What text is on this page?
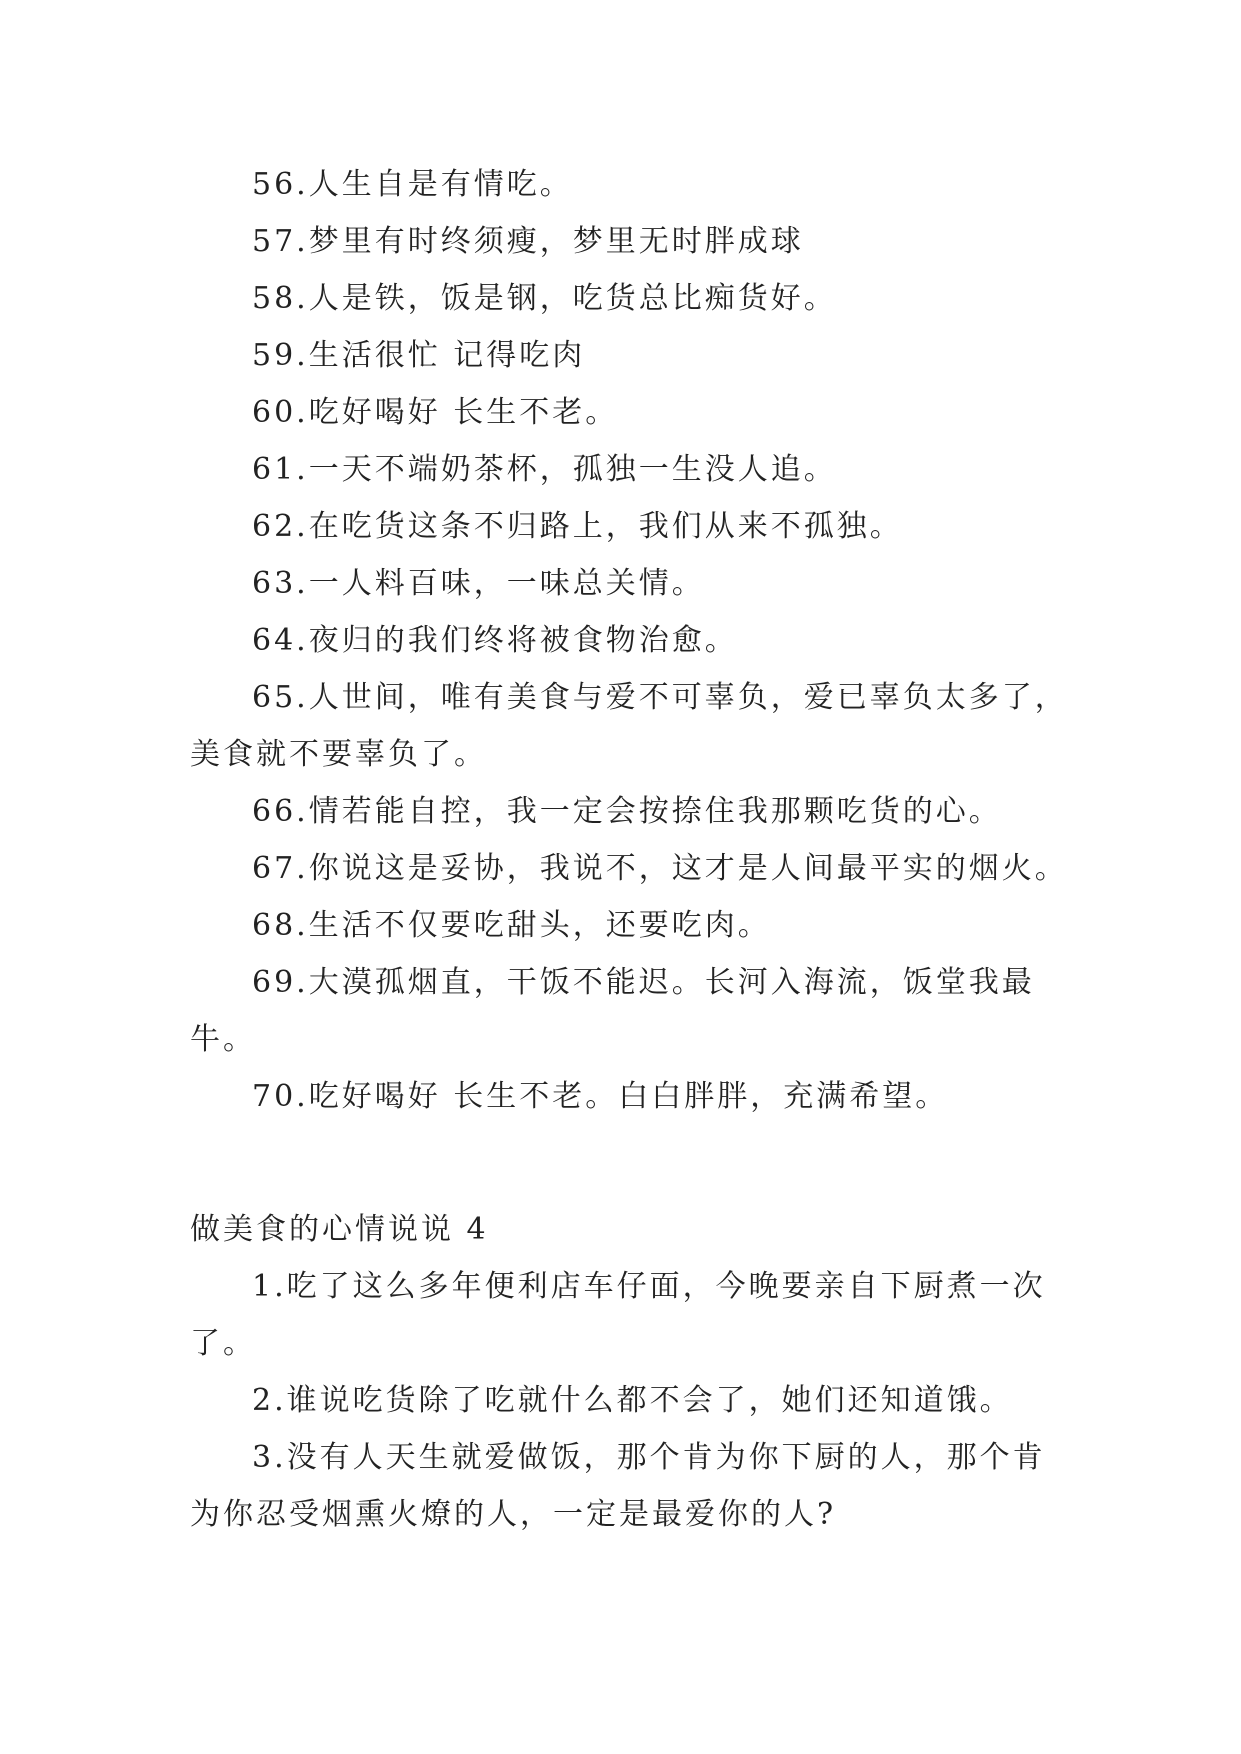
56.人生自是有情吃。
57.梦里有时终须瘦，梦里无时胖成球
58.人是铁，饭是钢，吃货总比痴货好。
59.生活很忙 记得吃肉
60.吃好喝好 长生不老。
61.一天不端奶茶杯，孤独一生没人追。
62.在吃货这条不归路上，我们从来不孤独。
63.一人料百味，一味总关情。
64.夜归的我们终将被食物治愈。
65.人世间，唯有美食与爱不可辜负，爱已辜负太多了，
美食就不要辜负了。
66.情若能自控，我一定会按捺住我那颗吃货的心。
67.你说这是妥协，我说不，这才是人间最平实的烟火。
68.生活不仅要吃甜头，还要吃肉。
69.大漠孤烟直，干饭不能迟。长河入海流，饭堂我最
牛。
70.吃好喝好 长生不老。白白胖胖，充满希望。
做美食的心情说说 4
1.吃了这么多年便利店车仔面，今晚要亲自下厨煮一次
了。
2.谁说吃货除了吃就什么都不会了，她们还知道饿。
3.没有人天生就爱做饭，那个肯为你下厨的人，那个肯
为你忍受烟熏火燎的人，一定是最爱你的人?
